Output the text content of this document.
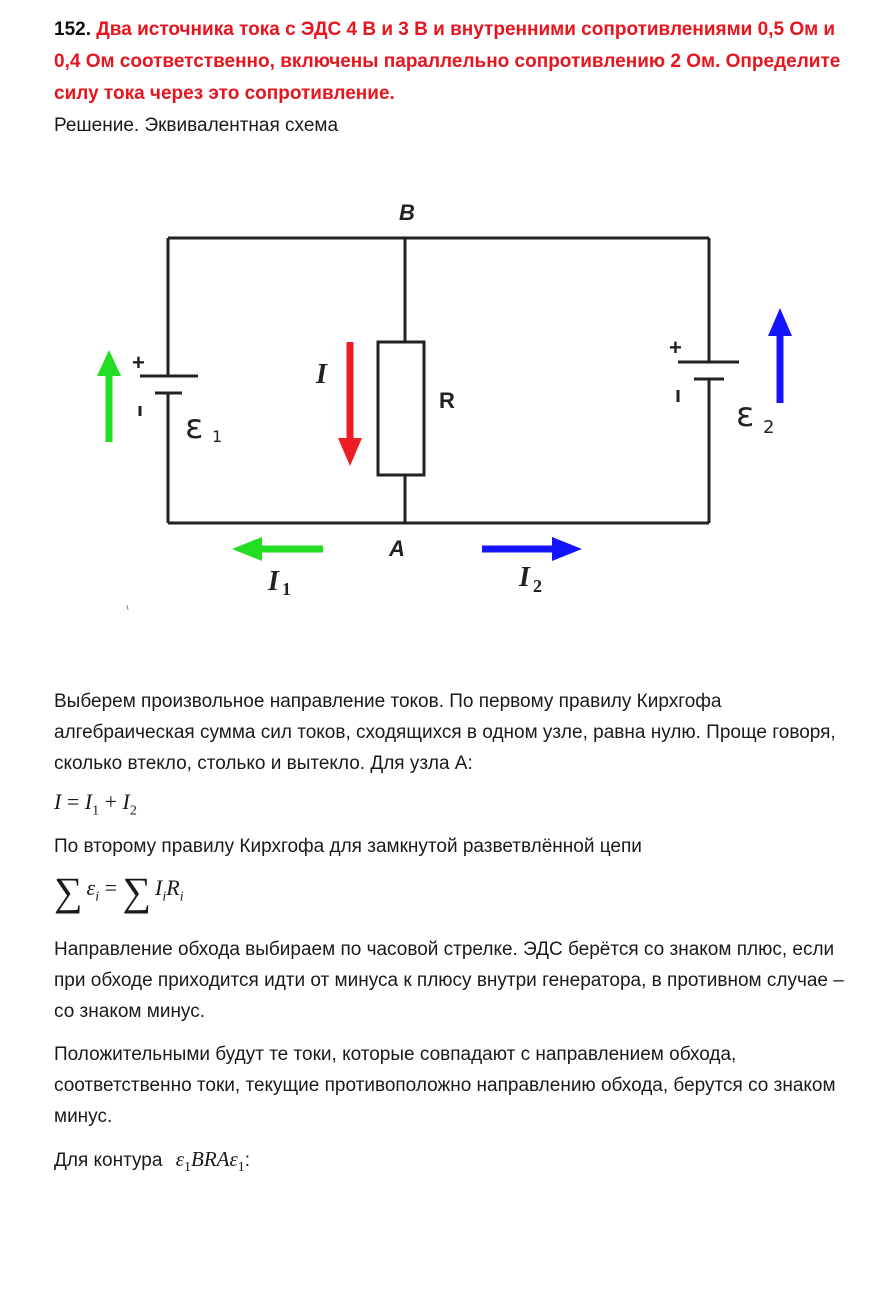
152. Два источника тока с ЭДС 4 В и 3 В и внутренними сопротивлениями 0,5 Ом и 0,4 Ом соответственно, включены параллельно сопротивлению 2 Ом. Определите силу тока через это сопротивление.

Решение. Эквивалентная схема

+
+
B
A
R
ε 1
ε 2
I
I 1	I 2

Выберем произвольное направление токов. По первому правилу Кирхгофа алгебраическая сумма сил токов, сходящихся в одном узле, равна нулю. Проще говоря, сколько втекло, столько и вытекло. Для узла А:

$I = I_1 + I_2$

По второму правилу Кирхгофа для замкнутой разветвлённой цепи

∑ $\varepsilon_i$ = ∑ $I_iR_i$

Направление обхода выбираем по часовой стрелке. ЭДС берётся со знаком плюс, если при обходе приходится идти от минуса к плюсу внутри генератора, в противном случае – со знаком минус.

Положительными будут те токи, которые совпадают с направлением обхода, соответственно токи, текущие противоположно направлению обхода, берутся со знаком минус.

Для контура $\varepsilon_1BRA\varepsilon_1$:
